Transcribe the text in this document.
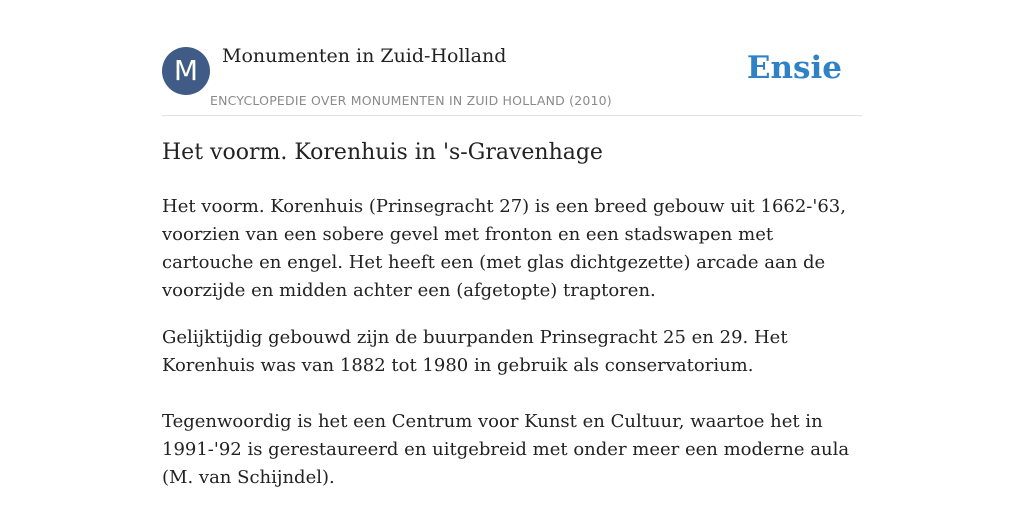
M	Monumenten in Zuid-Holland
ENCYCLOPEDIE OVER MONUMENTEN IN ZUID HOLLAND (2010)
Ensie
Het voorm. Korenhuis in 's-Gravenhage

Het voorm. Korenhuis (Prinsegracht 27) is een breed gebouw uit 1662-'63, voorzien van een sobere gevel met fronton en een stadswapen met cartouche en engel. Het heeft een (met glas dichtgezette) arcade aan de voorzijde en midden achter een (afgetopte) traptoren.

Gelijktijdig gebouwd zijn de buurpanden Prinsegracht 25 en 29. Het Korenhuis was van 1882 tot 1980 in gebruik als conservatorium.

Tegenwoordig is het een Centrum voor Kunst en Cultuur, waartoe het in 1991-'92 is gerestaureerd en uitgebreid met onder meer een moderne aula (M. van Schijndel).
